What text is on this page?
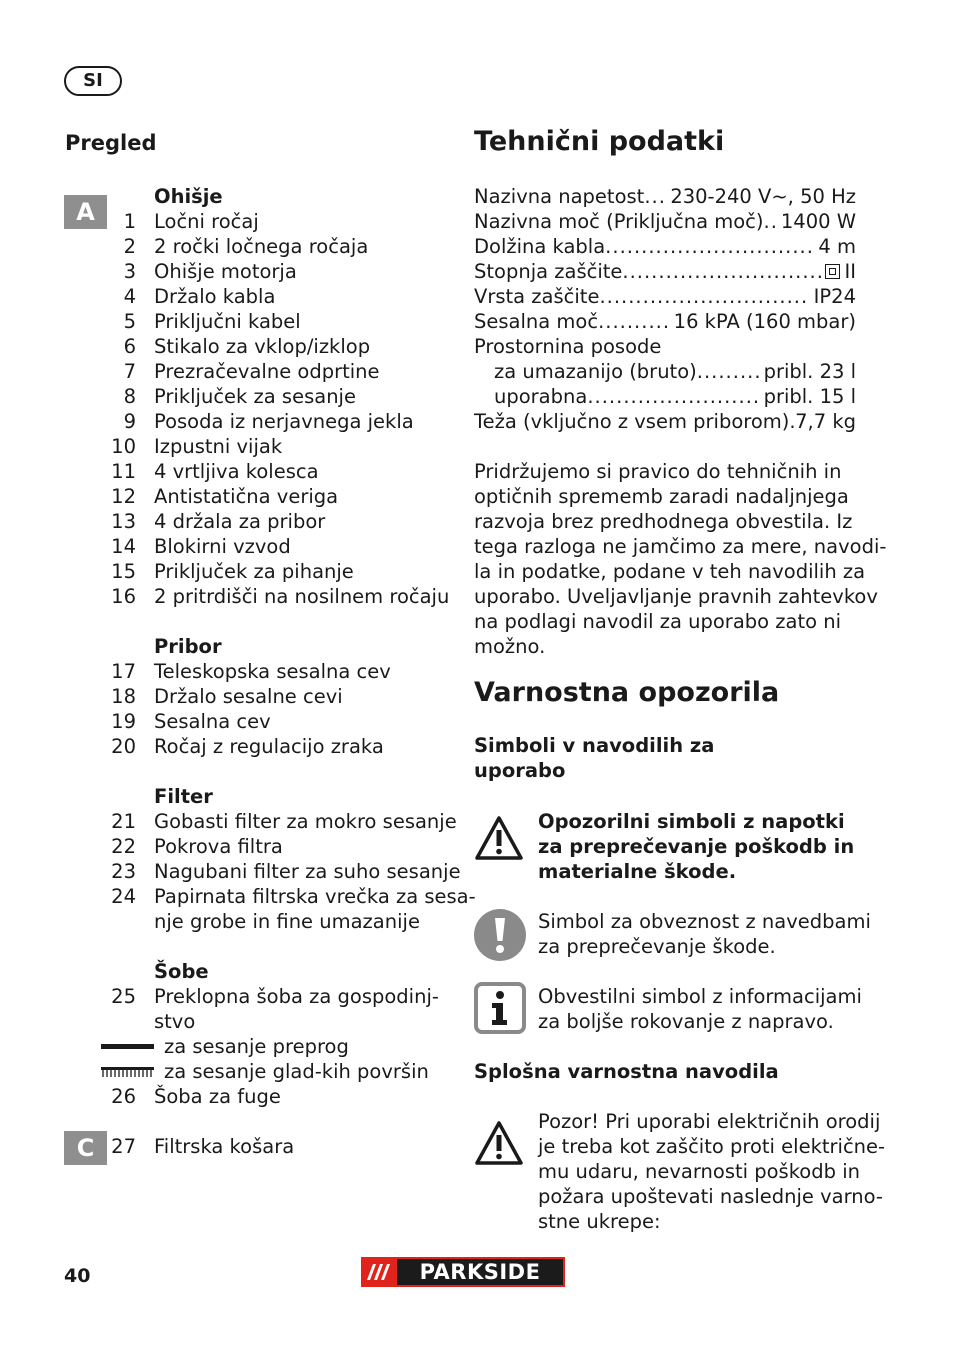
SI
Pregled
A
C
Ohišje
1 Ločni ročaj
2 2 ročki ločnega ročaja
3 Ohišje motorja
4 Držalo kabla
5 Priključni kabel
6 Stikalo za vklop/izklop
7 Prezračevalne odprtine
8 Priključek za sesanje
9 Posoda iz nerjavnega jekla
10 Izpustni vijak
11 4 vrtljiva kolesca
12 Antistatična veriga
13 4 držala za pribor
14 Blokirni vzvod
15 Priključek za pihanje
16 2 pritrdišči na nosilnem ročaju
Pribor
17 Teleskopska sesalna cev
18 Držalo sesalne cevi
19 Sesalna cev
20 Ročaj z regulacijo zraka
Filter
21 Gobasti filter za mokro sesanje
22 Pokrova filtra
23 Nagubani filter za suho sesanje
24 Papirnata filtrska vrečka za sesa-
nje grobe in fine umazanije
Šobe
25 Preklopna šoba za gospodinj-
stvo
za sesanje preprog
za sesanje glad-kih površin
26 Šoba za fuge
27 Filtrska košara
Tehnični podatki
Nazivna napetost ..... 230-240 V~, 50 Hz
Nazivna moč (Priključna moč) ..... 1400 W
Dolžina kabla .....	4 m
Stopnja zaščite .....	II
Vrsta zaščite .....	IP24
Sesalna moč .....	16 kPA (160 mbar)
Prostornina posode
za umazanijo (bruto) .....	pribl. 23 l
uporabna .....	pribl. 15 l
Teža (vključno z vsem priborom) ..... 7,7 kg
Pridržujemo si pravico do tehničnih in
optičnih sprememb zaradi nadaljnjega
razvoja brez predhodnega obvestila. Iz
tega razloga ne jamčimo za mere, navodi-
la in podatke, podane v teh navodilih za
uporabo. Uveljavljanje pravnih zahtevkov
na podlagi navodil za uporabo zato ni
možno.
Varnostna opozorila
Simboli v navodilih za
uporabo
Opozorilni simboli z napotki
za preprečevanje poškodb in
materialne škode.
Simbol za obveznost z navedbami
za preprečevanje škode.
Obvestilni simbol z informacijami
za boljše rokovanje z napravo.
Splošna varnostna navodila
Pozor! Pri uporabi električnih orodij
je treba kot zaščito proti električne-
mu udaru, nevarnosti poškodb in
požara upoštevati naslednje varno-
stne ukrepe:
40	PARKSIDE
